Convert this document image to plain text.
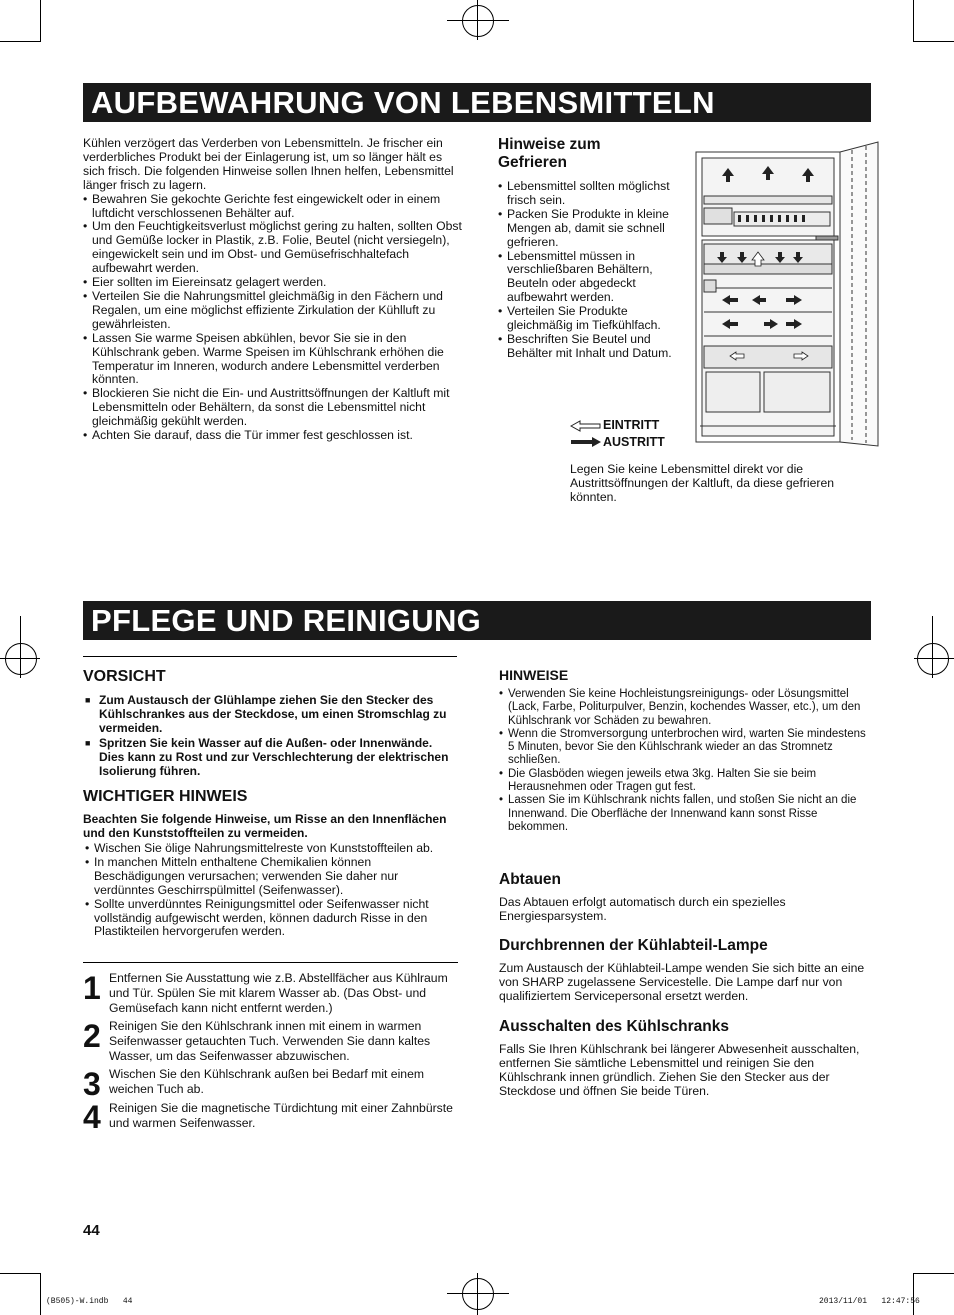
AUFBEWAHRUNG VON LEBENSMITTELN
Kühlen verzögert das Verderben von Lebensmitteln. Je frischer ein verderbliches Produkt bei der Einlagerung ist, um so länger hält es sich frisch. Die folgenden Hinweise sollen Ihnen helfen, Lebensmittel länger frisch zu lagern.
• Bewahren Sie gekochte Gerichte fest eingewickelt oder in einem luftdicht verschlossenen Behälter auf.
• Um den Feuchtigkeitsverlust möglichst gering zu halten, sollten Obst und Gemüße locker in Plastik, z.B. Folie, Beutel (nicht versiegeln), eingewickelt sein und im Obst- und Gemüsefrischhaltefach aufbewahrt werden.
• Eier sollten im Eiereinsatz gelagert werden.
• Verteilen Sie die Nahrungsmittel gleichmäßig in den Fächern und Regalen, um eine möglichst effiziente Zirkulation der Kühlluft zu gewährleisten.
• Lassen Sie warme Speisen abkühlen, bevor Sie sie in den Kühlschrank geben. Warme Speisen im Kühlschrank erhöhen die Temperatur im Inneren, wodurch andere Lebensmittel verderben könnten.
• Blockieren Sie nicht die Ein- und Austrittsöffnungen der Kaltluft mit Lebensmitteln oder Behältern, da sonst die Lebensmittel nicht gleichmäßig gekühlt werden.
• Achten Sie darauf, dass die Tür immer fest geschlossen ist.
Hinweise zum Gefrieren
• Lebensmittel sollten möglichst frisch sein.
• Packen Sie Produkte in kleine Mengen ab, damit sie schnell gefrieren.
• Lebensmittel müssen in verschließbaren Behältern, Beuteln oder abgedeckt aufbewahrt werden.
• Verteilen Sie Produkte gleichmäßig im Tiefkühlfach.
• Beschriften Sie Beutel und Behälter mit Inhalt und Datum.
EINTRITT
AUSTRITT
Legen Sie keine Lebensmittel direkt vor die Austrittsöffnungen der Kaltluft, da diese gefrieren könnten.
PFLEGE UND REINIGUNG
VORSICHT
■ Zum Austausch der Glühlampe ziehen Sie den Stecker des Kühlschrankes aus der Steckdose, um einen Stromschlag zu vermeiden.
■ Spritzen Sie kein Wasser auf die Außen- oder Innenwände. Dies kann zu Rost und zur Verschlechterung der elektrischen Isolierung führen.
WICHTIGER HINWEIS
Beachten Sie folgende Hinweise, um Risse an den Innenflächen und den Kunststoffteilen zu vermeiden.
• Wischen Sie ölige Nahrungsmittelreste von Kunststoffteilen ab.
• In manchen Mitteln enthaltene Chemikalien können Beschädigungen verursachen; verwenden Sie daher nur verdünntes Geschirrspülmittel (Seifenwasser).
• Sollte unverdünntes Reinigungsmittel oder Seifenwasser nicht vollständig aufgewischt werden, können dadurch Risse in den Plastikteilen hervorgerufen werden.
1 Entfernen Sie Ausstattung wie z.B. Abstellfächer aus Kühlraum und Tür. Spülen Sie mit klarem Wasser ab. (Das Obst- und Gemüsefach kann nicht entfernt werden.)
2 Reinigen Sie den Kühlschrank innen mit einem in warmen Seifenwasser getauchten Tuch. Verwenden Sie dann kaltes Wasser, um das Seifenwasser abzuwischen.
3 Wischen Sie den Kühlschrank außen bei Bedarf mit einem weichen Tuch ab.
4 Reinigen Sie die magnetische Türdichtung mit einer Zahnbürste und warmen Seifenwasser.
HINWEISE
• Verwenden Sie keine Hochleistungsreinigungs- oder Lösungsmittel (Lack, Farbe, Politurpulver, Benzin, kochendes Wasser, etc.), um den Kühlschrank vor Schäden zu bewahren.
• Wenn die Stromversorgung unterbrochen wird, warten Sie mindestens 5 Minuten, bevor Sie den Kühlschrank wieder an das Stromnetz schließen.
• Die Glasböden wiegen jeweils etwa 3kg. Halten Sie sie beim Herausnehmen oder Tragen gut fest.
• Lassen Sie im Kühlschrank nichts fallen, und stoßen Sie nicht an die Innenwand. Die Oberfläche der Innenwand kann sonst Risse bekommen.
Abtauen
Das Abtauen erfolgt automatisch durch ein spezielles Energiesparsystem.
Durchbrennen der Kühlabteil-Lampe
Zum Austausch der Kühlabteil-Lampe wenden Sie sich bitte an eine von SHARP zugelassene Servicestelle. Die Lampe darf nur von qualifiziertem Servicepersonal ersetzt werden.
Ausschalten des Kühlschranks
Falls Sie Ihren Kühlschrank bei längerer Abwesenheit ausschalten, entfernen Sie sämtliche Lebensmittel und reinigen Sie den Kühlschrank innen gründlich. Ziehen Sie den Stecker aus der Steckdose und öffnen Sie beide Türen.
44
(B505)-W.indb   44	2013/11/01   12:47:56
